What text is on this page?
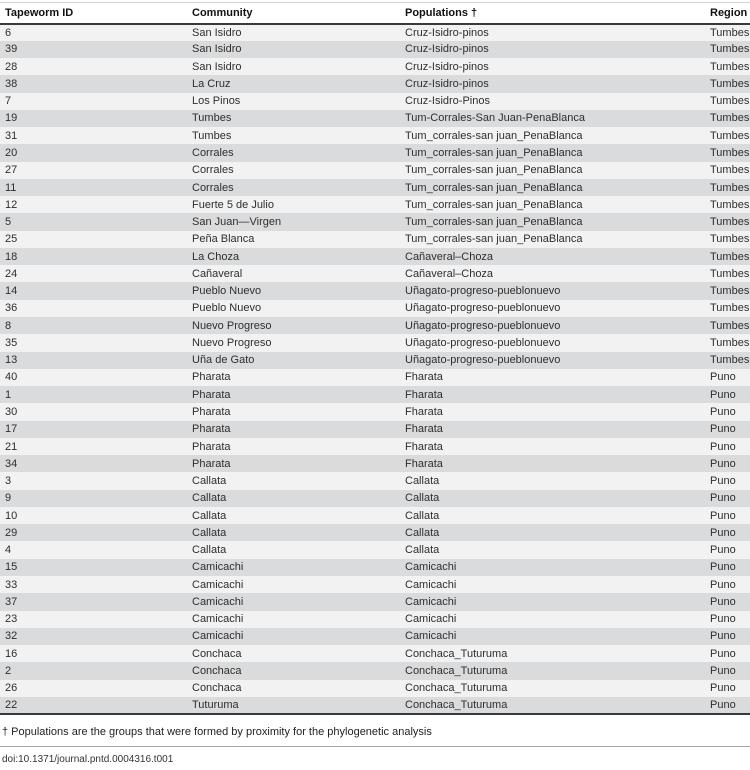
Tapeworm ID	Community	Populations †	Region
6	San Isidro	Cruz-Isidro-pinos	Tumbes
39	San Isidro	Cruz-Isidro-pinos	Tumbes
28	San Isidro	Cruz-Isidro-pinos	Tumbes
38	La Cruz	Cruz-Isidro-pinos	Tumbes
7	Los Pinos	Cruz-Isidro-Pinos	Tumbes
19	Tumbes	Tum-Corrales-San Juan-PenaBlanca	Tumbes
31	Tumbes	Tum_corrales-san juan_PenaBlanca	Tumbes
20	Corrales	Tum_corrales-san juan_PenaBlanca	Tumbes
27	Corrales	Tum_corrales-san juan_PenaBlanca	Tumbes
11	Corrales	Tum_corrales-san juan_PenaBlanca	Tumbes
12	Fuerte 5 de Julio	Tum_corrales-san juan_PenaBlanca	Tumbes
5	San Juan—Virgen	Tum_corrales-san juan_PenaBlanca	Tumbes
25	Peña Blanca	Tum_corrales-san juan_PenaBlanca	Tumbes
18	La Choza	Cañaveral–Choza	Tumbes
24	Cañaveral	Cañaveral–Choza	Tumbes
14	Pueblo Nuevo	Uñagato-progreso-pueblonuevo	Tumbes
36	Pueblo Nuevo	Uñagato-progreso-pueblonuevo	Tumbes
8	Nuevo Progreso	Uñagato-progreso-pueblonuevo	Tumbes
35	Nuevo Progreso	Uñagato-progreso-pueblonuevo	Tumbes
13	Uña de Gato	Uñagato-progreso-pueblonuevo	Tumbes
40	Pharata	Fharata	Puno
1	Pharata	Fharata	Puno
30	Pharata	Fharata	Puno
17	Pharata	Fharata	Puno
21	Pharata	Fharata	Puno
34	Pharata	Fharata	Puno
3	Callata	Callata	Puno
9	Callata	Callata	Puno
10	Callata	Callata	Puno
29	Callata	Callata	Puno
4	Callata	Callata	Puno
15	Camicachi	Camicachi	Puno
33	Camicachi	Camicachi	Puno
37	Camicachi	Camicachi	Puno
23	Camicachi	Camicachi	Puno
32	Camicachi	Camicachi	Puno
16	Conchaca	Conchaca_Tuturuma	Puno
2	Conchaca	Conchaca_Tuturuma	Puno
26	Conchaca	Conchaca_Tuturuma	Puno
22	Tuturuma	Conchaca_Tuturuma	Puno
† Populations are the groups that were formed by proximity for the phylogenetic analysis
doi:10.1371/journal.pntd.0004316.t001
